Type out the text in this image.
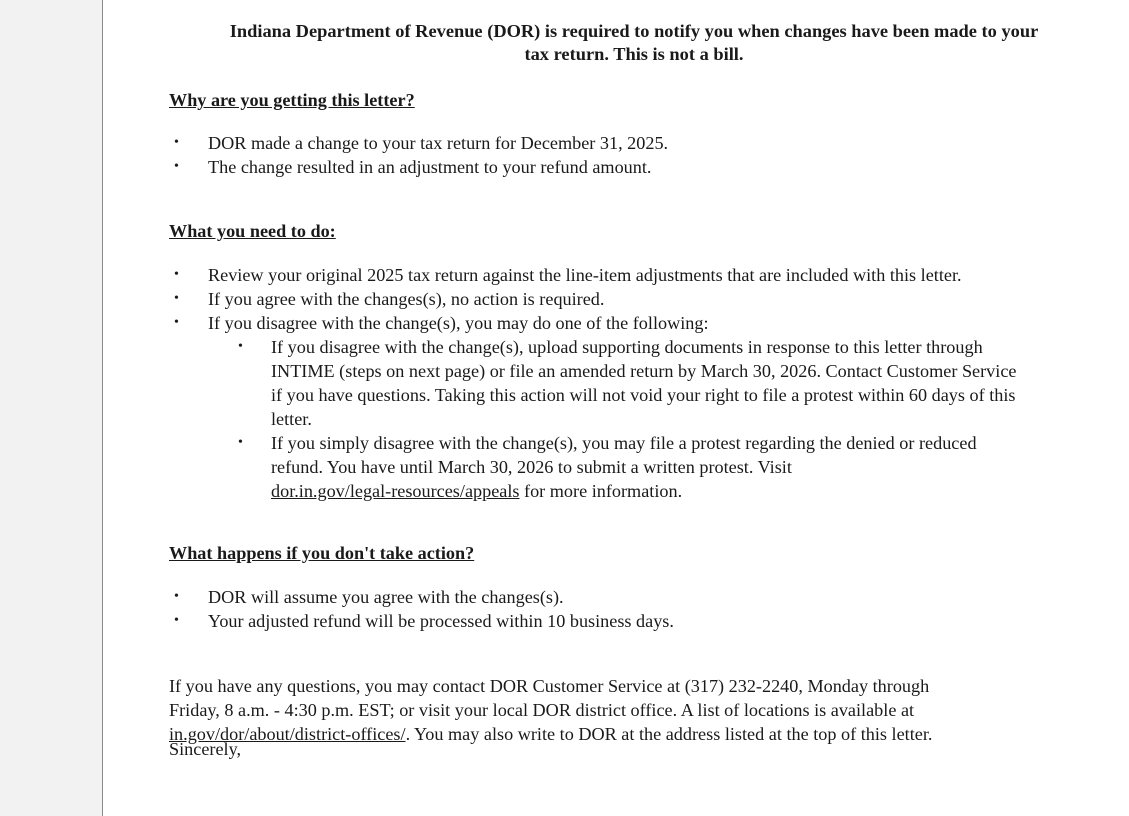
Indiana Department of Revenue (DOR) is required to notify you when changes have been made to your
tax return. This is not a bill.
Why are you getting this letter?
• DOR made a change to your tax return for December 31, 2025.
• The change resulted in an adjustment to your refund amount.
What you need to do:
• Review your original 2025 tax return against the line-item adjustments that are included with this letter.
• If you agree with the changes(s), no action is required.
• If you disagree with the change(s), you may do one of the following:
• If you disagree with the change(s), upload supporting documents in response to this letter through
INTIME (steps on next page) or file an amended return by March 30, 2026. Contact Customer Service
if you have questions. Taking this action will not void your right to file a protest within 60 days of this
letter.
• If you simply disagree with the change(s), you may file a protest regarding the denied or reduced
refund. You have until March 30, 2026 to submit a written protest. Visit
dor.in.gov/legal-resources/appeals for more information.
What happens if you don't take action?
• DOR will assume you agree with the changes(s).
• Your adjusted refund will be processed within 10 business days.
If you have any questions, you may contact DOR Customer Service at (317) 232-2240, Monday through
Friday, 8 a.m. - 4:30 p.m. EST; or visit your local DOR district office. A list of locations is available at
in.gov/dor/about/district-offices/. You may also write to DOR at the address listed at the top of this letter.
Sincerely,
